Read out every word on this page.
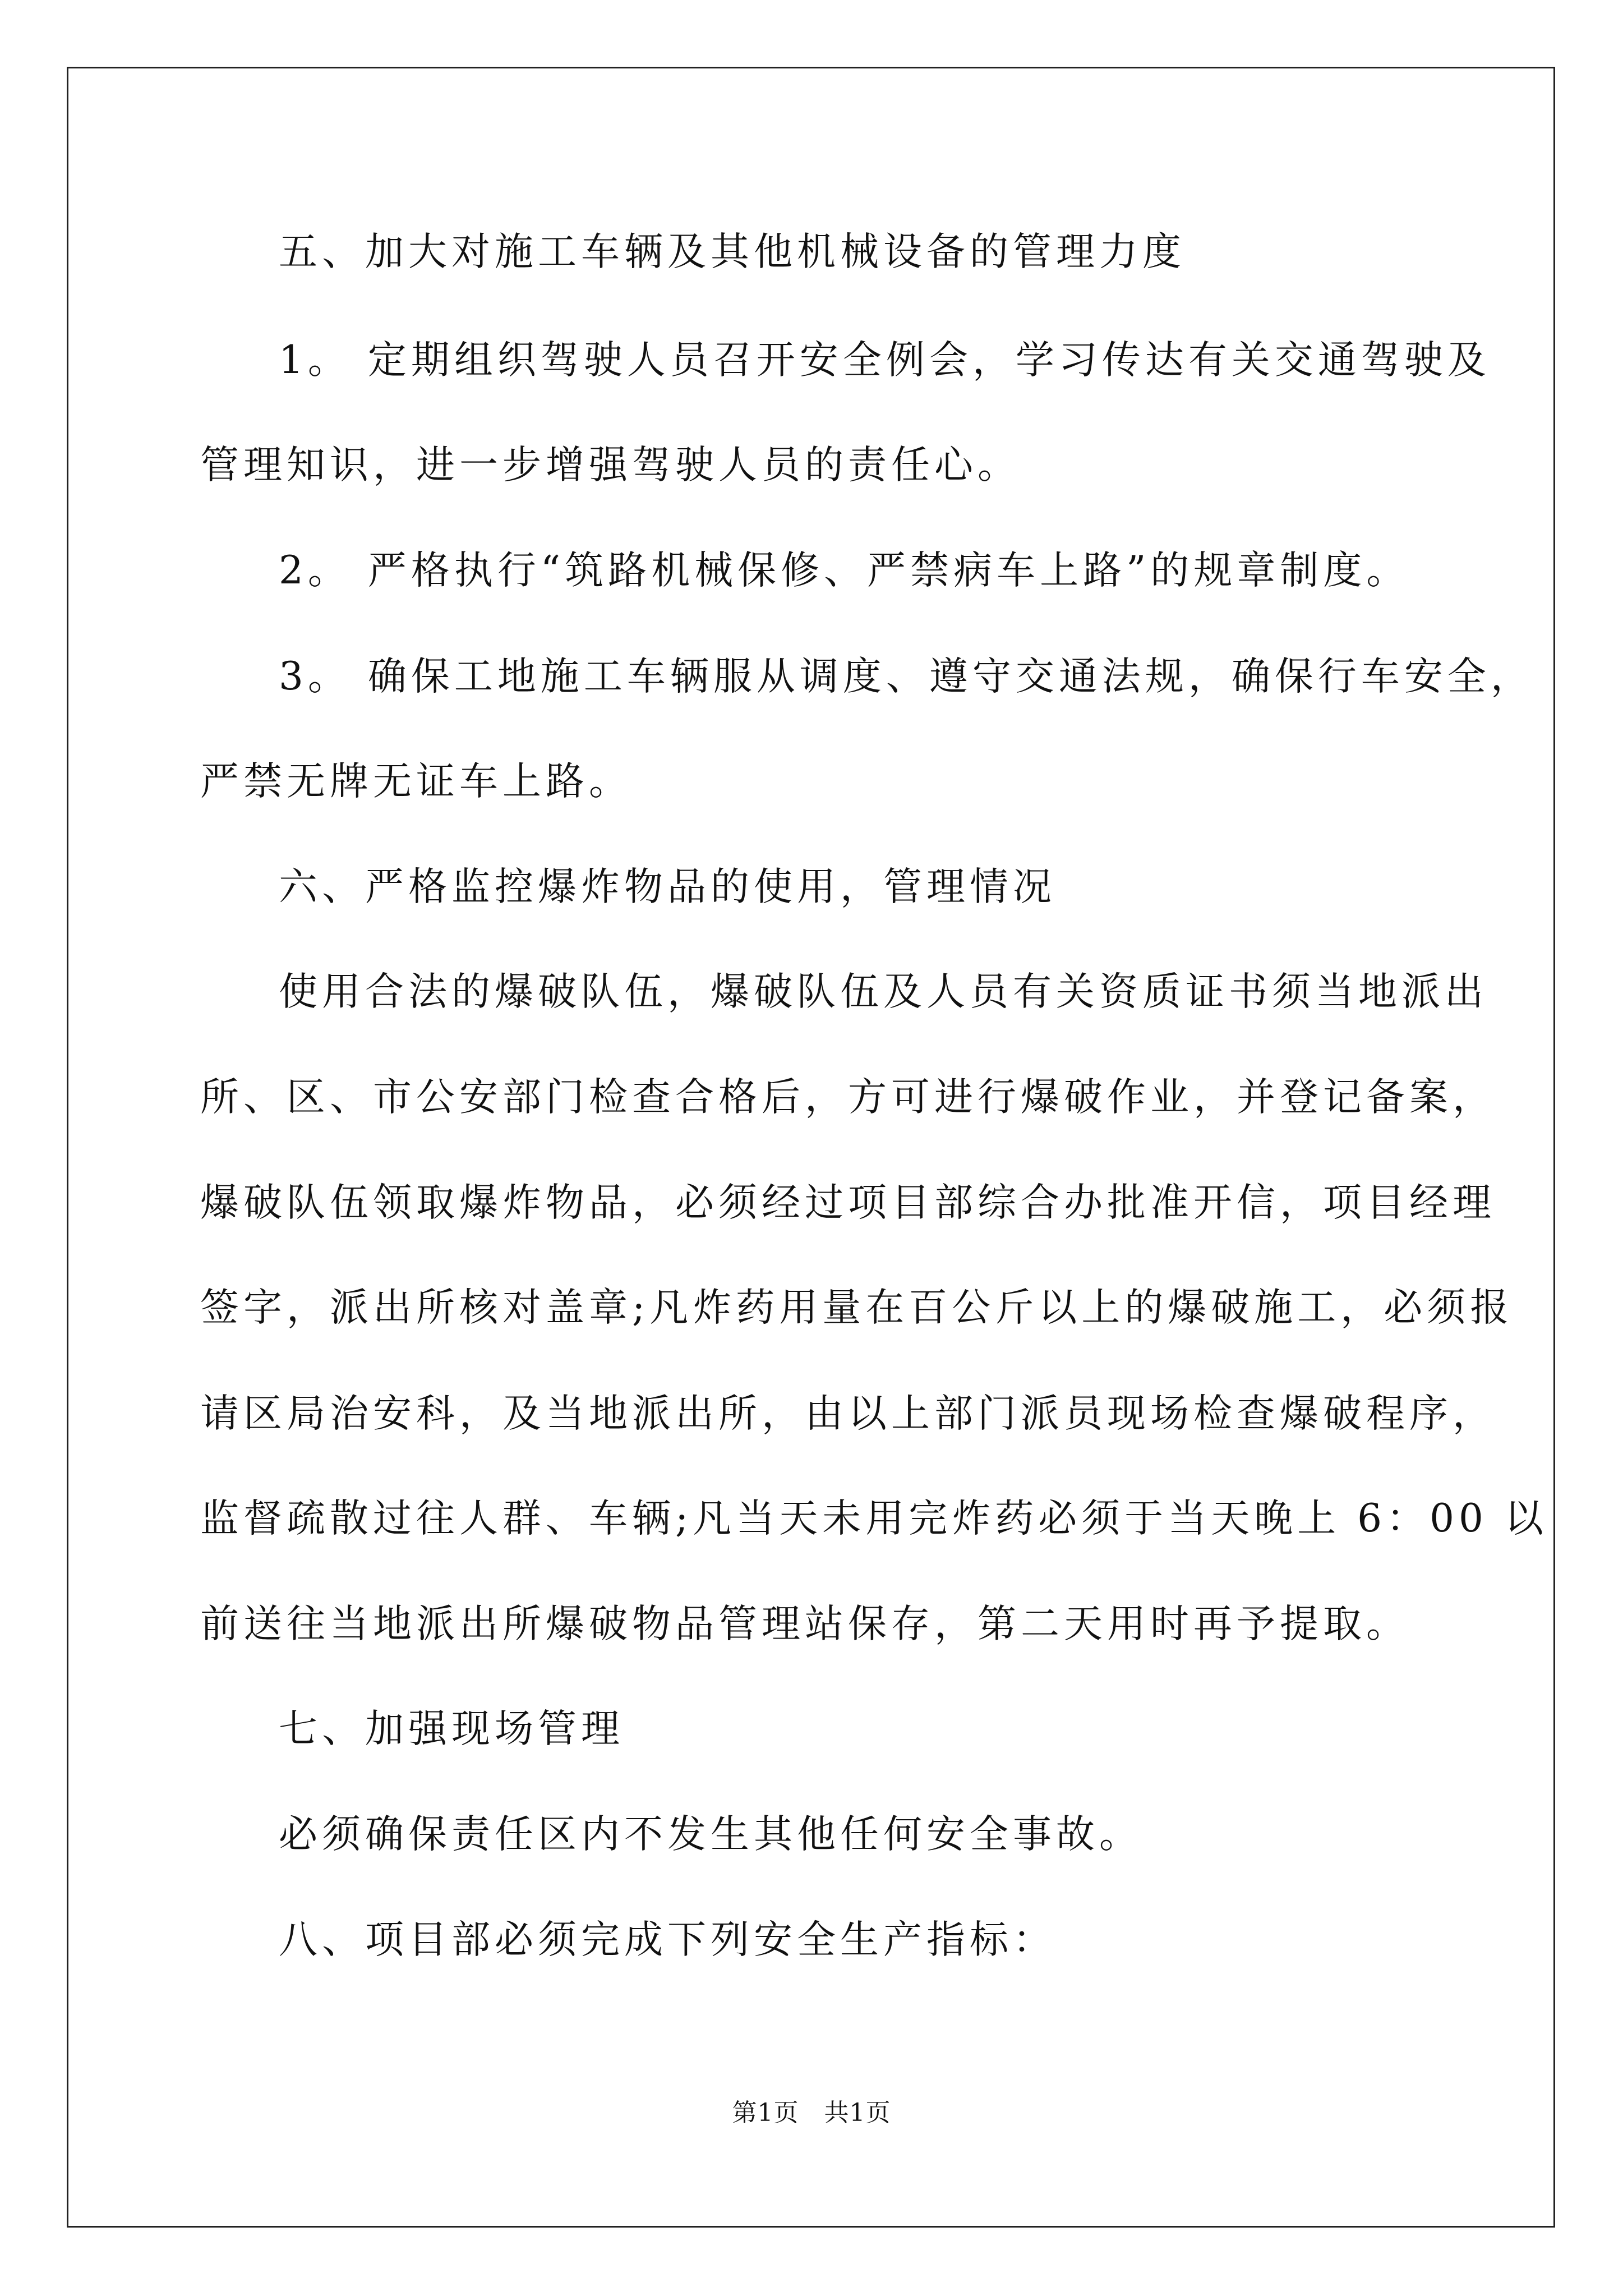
五、加大对施工车辆及其他机械设备的管理力度
1。 定期组织驾驶人员召开安全例会，学习传达有关交通驾驶及
管理知识，进一步增强驾驶人员的责任心。
2。 严格执行“筑路机械保修、严禁病车上路”的规章制度。
3。 确保工地施工车辆服从调度、遵守交通法规，确保行车安全，
严禁无牌无证车上路。
六、严格监控爆炸物品的使用，管理情况
使用合法的爆破队伍，爆破队伍及人员有关资质证书须当地派出
所、区、市公安部门检查合格后，方可进行爆破作业，并登记备案，
爆破队伍领取爆炸物品，必须经过项目部综合办批准开信，项目经理
签字，派出所核对盖章;凡炸药用量在百公斤以上的爆破施工，必须报
请区局治安科，及当地派出所，由以上部门派员现场检查爆破程序，
监督疏散过往人群、车辆;凡当天未用完炸药必须于当天晚上 6：00 以
前送往当地派出所爆破物品管理站保存，第二天用时再予提取。
七、加强现场管理
必须确保责任区内不发生其他任何安全事故。
八、项目部必须完成下列安全生产指标：
第1页   共1页
